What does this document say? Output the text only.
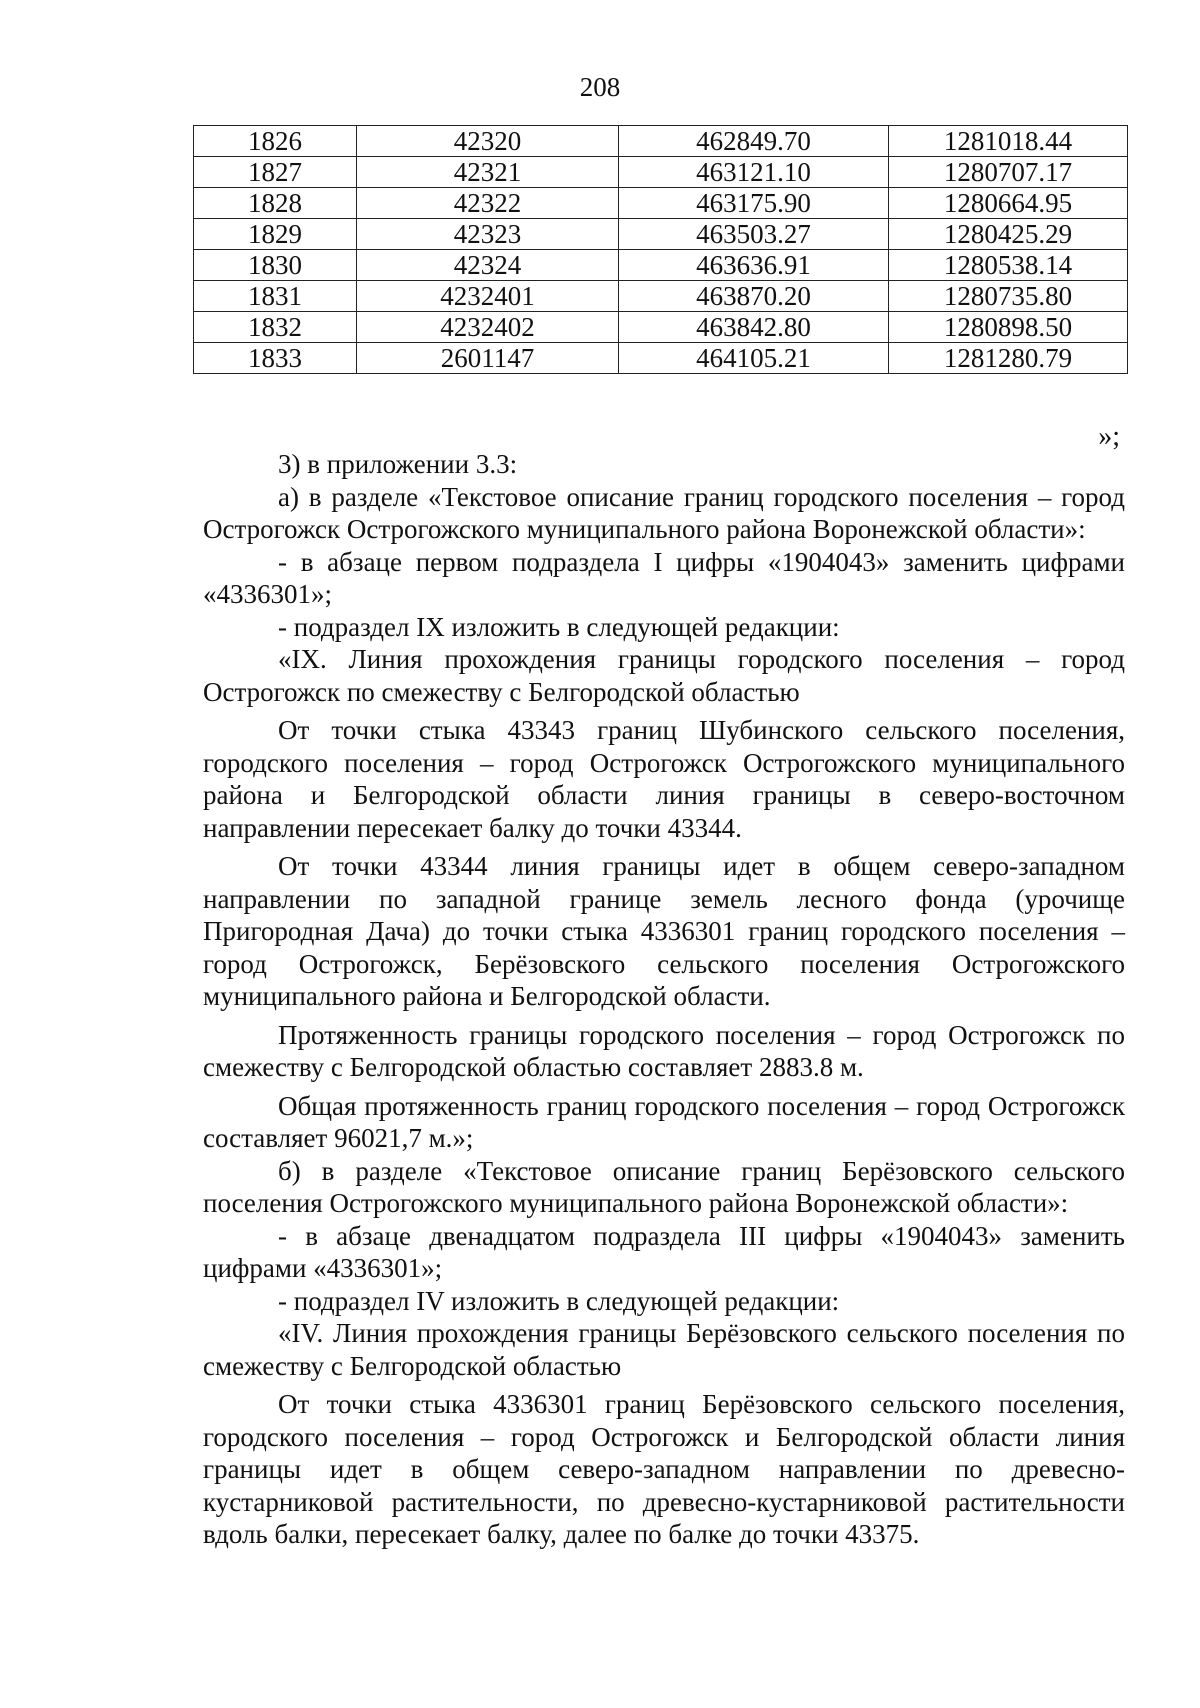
208
1826	42320	462849.70	1281018.44
1827	42321	463121.10	1280707.17
1828	42322	463175.90	1280664.95
1829	42323	463503.27	1280425.29
1830	42324	463636.91	1280538.14
1831	4232401	463870.20	1280735.80
1832	4232402	463842.80	1280898.50
1833	2601147	464105.21	1281280.79
»;

3) в приложении 3.3:

а) в разделе «Текстовое описание границ городского поселения – город Острогожск Острогожского муниципального района Воронежской области»:

- в абзаце первом подраздела I цифры «1904043» заменить цифрами «4336301»;

- подраздел IX изложить в следующей редакции:

«IX. Линия прохождения границы городского поселения – город Острогожск по смежеству с Белгородской областью

От точки стыка 43343 границ Шубинского сельского поселения, городского поселения – город Острогожск Острогожского муниципального района и Белгородской области линия границы в северо-восточном направлении пересекает балку до точки 43344.

От точки 43344 линия границы идет в общем северо-западном направлении по западной границе земель лесного фонда (урочище Пригородная Дача) до точки стыка 4336301 границ городского поселения – город Острогожск, Берёзовского сельского поселения Острогожского муниципального района и Белгородской области.

Протяженность границы городского поселения – город Острогожск по смежеству с Белгородской областью составляет 2883.8 м.

Общая протяженность границ городского поселения – город Острогожск составляет 96021,7 м.»;

б) в разделе «Текстовое описание границ Берёзовского сельского поселения Острогожского муниципального района Воронежской области»:

- в абзаце двенадцатом подраздела III цифры «1904043» заменить цифрами «4336301»;

- подраздел IV изложить в следующей редакции:

«IV. Линия прохождения границы Берёзовского сельского поселения по смежеству с Белгородской областью

От точки стыка 4336301 границ Берёзовского сельского поселения, городского поселения – город Острогожск и Белгородской области линия границы идет в общем северо-западном направлении по древесно-кустарниковой растительности, по древесно-кустарниковой растительности вдоль балки, пересекает балку, далее по балке до точки 43375.
